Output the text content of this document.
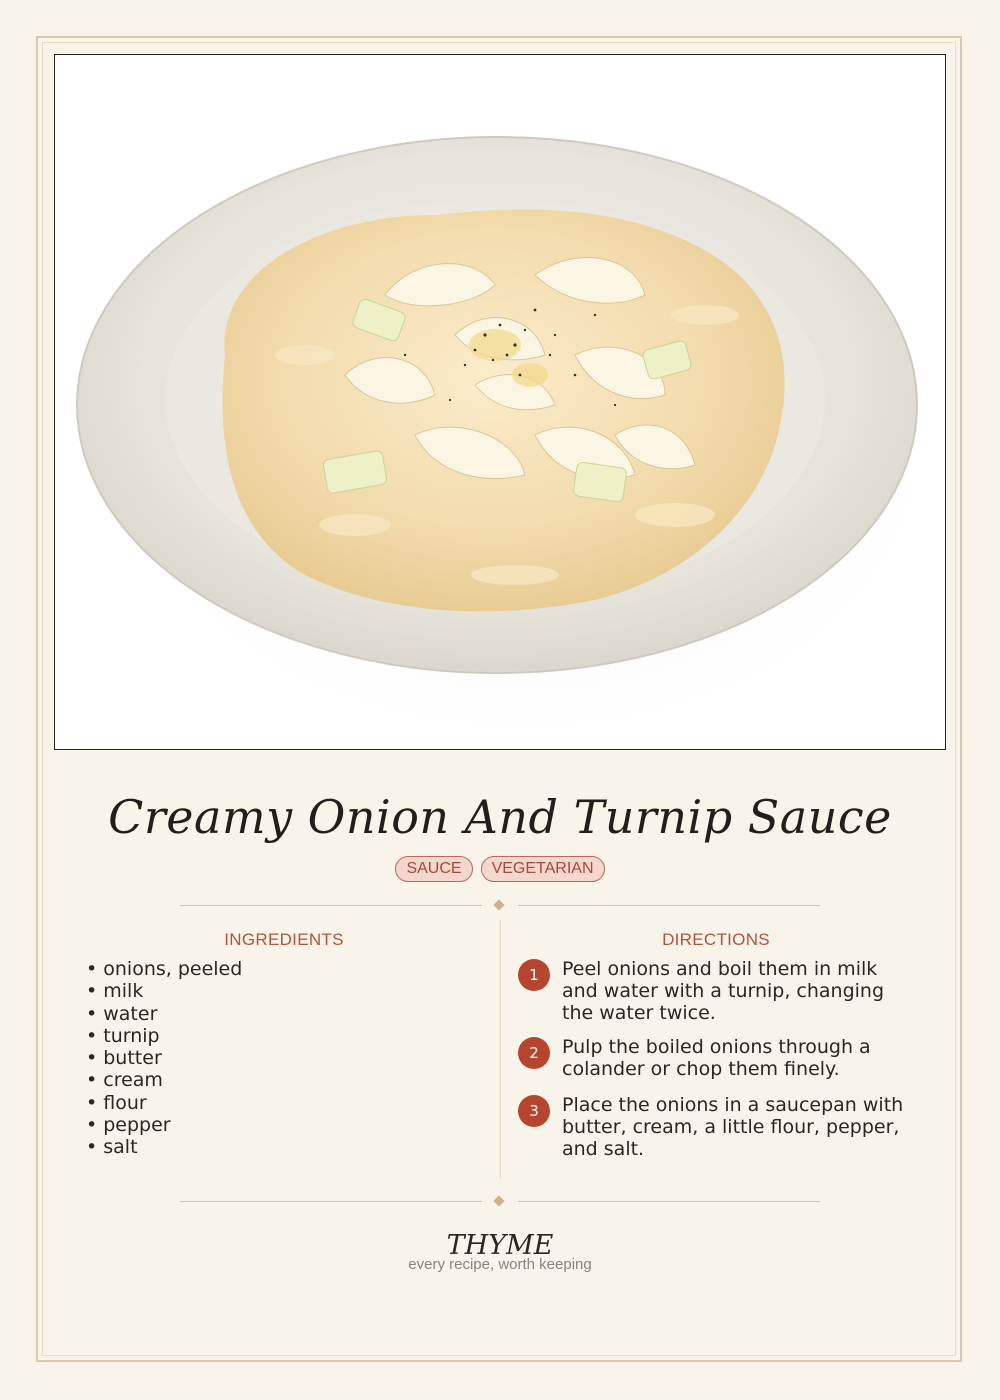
Creamy Onion And Turnip Sauce
SAUCE	VEGETARIAN
INGREDIENTS
• onions, peeled
• milk
• water
• turnip
• butter
• cream
• flour
• pepper
• salt
DIRECTIONS
1	Peel onions and boil them in milk and water with a turnip, changing the water twice.
2	Pulp the boiled onions through a colander or chop them finely.
3	Place the onions in a saucepan with butter, cream, a little flour, pepper, and salt.
THYME
every recipe, worth keeping
